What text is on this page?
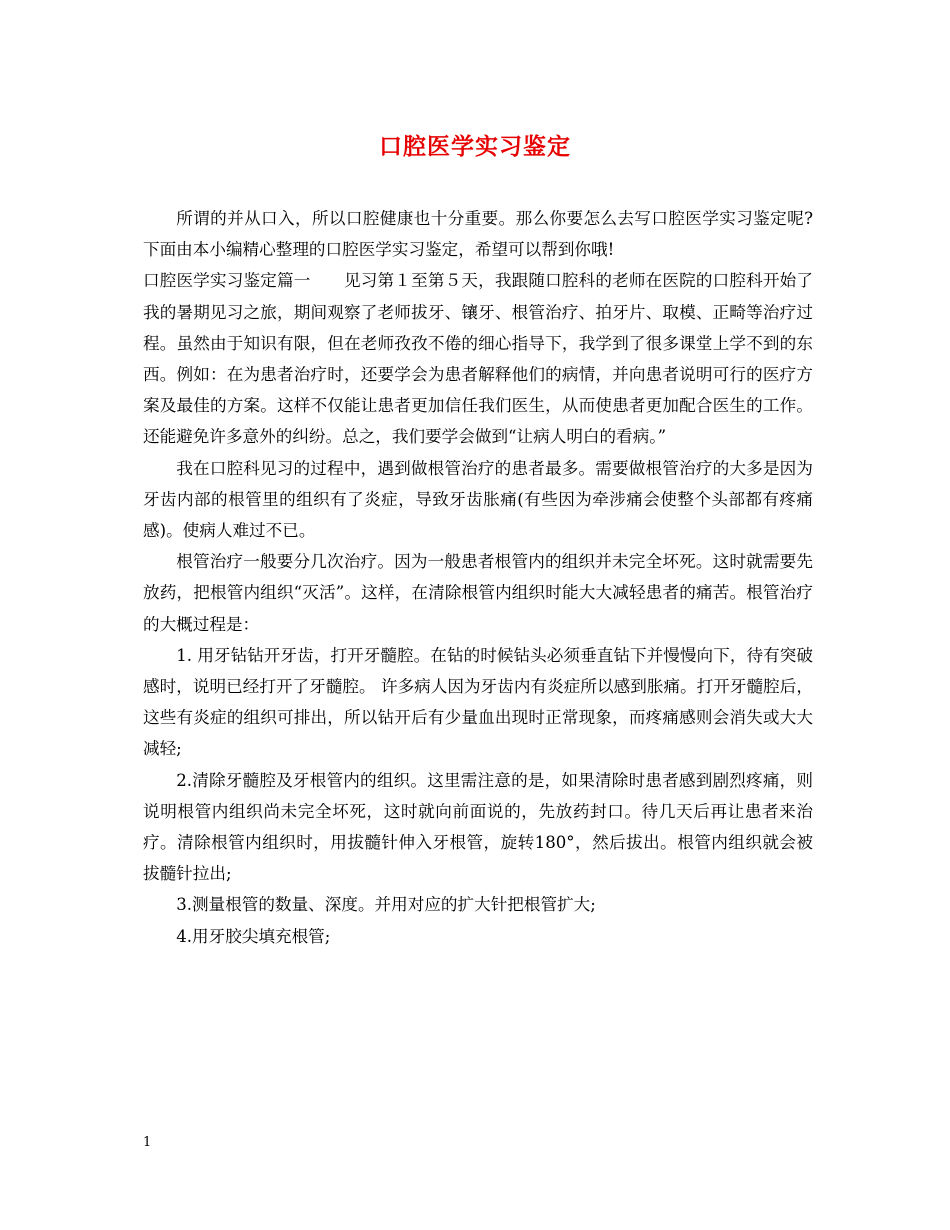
口腔医学实习鉴定

所谓的并从口入，所以口腔健康也十分重要。那么你要怎么去写口腔医学实习鉴定呢?下面由本小编精心整理的口腔医学实习鉴定，希望可以帮到你哦!

口腔医学实习鉴定篇一　　见习第１至第５天，我跟随口腔科的老师在医院的口腔科开始了我的暑期见习之旅，期间观察了老师拔牙、镶牙、根管治疗、拍牙片、取模、正畸等治疗过程。虽然由于知识有限，但在老师孜孜不倦的细心指导下，我学到了很多课堂上学不到的东西。例如：在为患者治疗时，还要学会为患者解释他们的病情，并向患者说明可行的医疗方案及最佳的方案。这样不仅能让患者更加信任我们医生，从而使患者更加配合医生的工作。还能避免许多意外的纠纷。总之，我们要学会做到“让病人明白的看病。”

我在口腔科见习的过程中，遇到做根管治疗的患者最多。需要做根管治疗的大多是因为牙齿内部的根管里的组织有了炎症，导致牙齿胀痛(有些因为牵涉痛会使整个头部都有疼痛感)。使病人难过不已。

根管治疗一般要分几次治疗。因为一般患者根管内的组织并未完全坏死。这时就需要先放药，把根管内组织“灭活”。这样，在清除根管内组织时能大大减轻患者的痛苦。根管治疗的大概过程是：

1. 用牙钻钻开牙齿，打开牙髓腔。在钻的时候钻头必须垂直钻下并慢慢向下，待有突破感时，说明已经打开了牙髓腔。 许多病人因为牙齿内有炎症所以感到胀痛。打开牙髓腔后，这些有炎症的组织可排出，所以钻开后有少量血出现时正常现象，而疼痛感则会消失或大大减轻;

2.清除牙髓腔及牙根管内的组织。这里需注意的是，如果清除时患者感到剧烈疼痛，则说明根管内组织尚未完全坏死，这时就向前面说的，先放药封口。待几天后再让患者来治疗。清除根管内组织时，用拔髓针伸入牙根管，旋转180°，然后拔出。根管内组织就会被拔髓针拉出;

3.测量根管的数量、深度。并用对应的扩大针把根管扩大;

4.用牙胶尖填充根管;

1
